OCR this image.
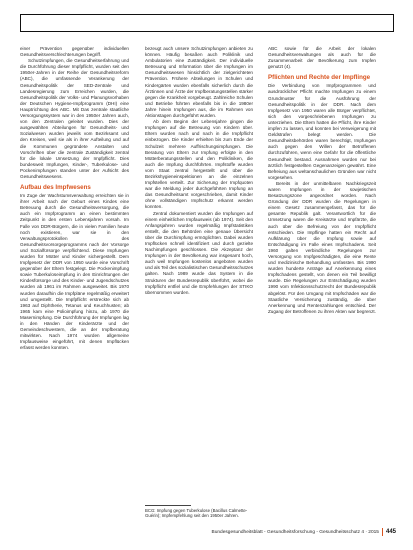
einer Prävention gegenüber individuellen Gesundheitsverschlechterungen begriff.

Schutzimpfungen, die Gesundheitserfahrung und die Durchführung dieser Impfpflicht, wurden seit den 1950er-Jahren in der Reihe der Gesundheitsreform (ABC), die umfassende Verankerung der Gesundheitspolitik der SED-Zentrale und Landesregierung zum Erreichen wurden, die Gesundheitspolitik der Volks- und Planungsvorhaben der Deutschen Hygiene-Impfprogramm (DHI) eine Hauptrichtung des ABC. Mit Das zentrale staatliche Versorgungssystem war in den 1950er Jahren auch, von den Zentralen geleitet wurden. Dies der ausgewählten Abteilungen für Gesundheits- und Sozialwesen wurden jeweils vom Bezirksamt und den Kreisen, weil sie als in ihrer Aufteilung und auf die Kommunen gegründete Anstalten und Vorschriften über die zentrale Zuständigkeit zentral für die lokale Umsetzung der Impfpflicht. Dies bundesweit Impfungen, Kinder-, Tuberkulose- und Pockenimpfungen standen unter der Aufsicht des Gesundheitswesens.

Aufbau des Impfwesens

Im Zuge der Wachstumsverwaltung erreichten sie in ihrer Arbeit nach der Geburt eines Kindes eine Betreuung durch die Gesundheitsversorgung, die auch ein Impfprogramm an einen bestimmten Zeitpunkt in den ersten Lebensjahren vorsah. Im Falle von DDR-Bürgern, die in vielen Familien heute noch existieren, war sie in den Verwaltungsprotokollen des Gesundheitsvorsorgeprogramms nach der Vorsorge und Sozialfürsorge verpflichtend. Diese Impfungen wurden für Mütter und Kinder sichergestellt. Dem Impfgesetz der DDR von 1950 wurde eine Vorschrift gegenüber der Eltern festgelegt. Die Pockenimpfung sowie Tuberkuloseimpfung in den Einrichtungen der Kindesfürsorge und des Kinder- und Jugendschutzes wurden ab 1961 im Rahmen ausgeweitet. Bis 1970 wurden daraufhin die Impfpläne regelmäßig erweitert und umgestellt. Die Impfpflicht erstreckte sich ab 1963 auf Diphtherie, Tetanus und Keuchhusten; ab 1965 kam eine Polioimpfung hinzu, ab 1970 die Masernimpfung. Die Durchführung der Impfungen lag in den Händen der Kinderärzte und der Gemeindeschwestern, die an der Impfberatung mitwirkten. Nach 1974 wurden allgemeine Impfausweise eingeführt, mit denen Impflücken erfasst werden konnten.

bezeugt auch unsere Schutzimpfungen anbieten zu können. Häufig besaßen auch Poliklinik und Ambulatorien eine Zuständigkeit. Der individuelle Betreuung und Information über die Impfungen im Gesundheitswesen hinsichtlich der zielgerichteten Prävention. Frühere Abteilungen in Schulen und Kindergärten wurden ebenfalls sicherlich durch die Ärztinnen und Ärzte der Impfberatungsstellen stärker gegen die Krankheit vorgebeugt. Zahlreiche Schulen und Betriebe führten ebenfalls bis in die 1980er Jahre hinein Impfungen aus, die im Rahmen von Aktionstagen durchgeführt wurden.

Ab dem Beginn der Lebensjahre gingen die Impfungen auf die Betreuung von Kindern über. Eltern wurden nach und nach in die Impfpflicht einbezogen. Die Kinder erhielten bis zum Ende der Schulzeit mehrere Auffrischungsimpfungen. Die Beratung von Eltern zur Impfung erfolgte in den Mütterberatungsstellen und den Polikliniken, die auch die Impfung durchführten. Impfstoffe wurden vom Staat zentral hergestellt und über die Bezirkshygieneinspektionen an die einzelnen Impfstellen verteilt. Zur Sicherung der Impfquoten war die Meldung jeder durchgeführten Impfung an das Gesundheitsamt vorgeschrieben, damit Kinder ohne vollständigen Impfschutz erkannt werden konnten.

Zentral dokumentiert wurden die Impfungen auf einem einheitlichen Impfausweis (ab 1974). Seit den Anfangsjahren wurden regelmäßig Impfstatistiken erstellt, die den Behörden eine genaue Übersicht über die Durchimpfung ermöglichten. Dabei wurden Impflücken schnell identifiziert und durch gezielte Nachimpfungen geschlossen. Die Akzeptanz der Impfungen in der Bevölkerung war insgesamt hoch, auch weil Impfungen kostenlos angeboten wurden und als Teil des sozialistischen Gesundheitsschutzes galten. Nach 1989 wurde das System in die Strukturen der Bundesrepublik überführt, wobei die Impfpflicht entfiel und die Empfehlungen der STIKO übernommen wurden.

BCG: Impfung gegen Tuberkulose (Bacillus Calmette-Guérin); Impfempfehlung seit den 1950er Jahren.

ABC sowie für die Arbeit der lokalen Gesundheitsverwaltungen als auch für die Zusammenarbeit der Bevölkerung zum Impfen genutzt (4).

Pflichten und Rechte der Impflinge

Die Verbindung von Impfprogrammen und ausdrücklicher Pflicht machte Impfungen zu einem Grundmuster für die Ausführung der Gesundheitspolitik in der DDR. Nach dem Impfgesetz von 1950 waren alle Bürger verpflichtet, sich den vorgeschriebenen Impfungen zu unterziehen. Die Eltern hatten die Pflicht, ihre Kinder impfen zu lassen, und konnten bei Verweigerung mit Geldstrafen belegt werden. Die Gesundheitsbehörden waren berechtigt, Impfungen auch gegen den Willen der Betroffenen durchzuführen, wenn eine Gefahr für die öffentliche Gesundheit bestand. Ausnahmen wurden nur bei ärztlich festgestellten Gegenanzeigen gewährt. Eine Befreiung aus weltanschaulichen Gründen war nicht vorgesehen.

Bereits in der unmittelbaren Nachkriegszeit waren Impfungen in der sowjetischen Besatzungszone angeordnet worden. Nach Gründung der DDR wurden die Regelungen in einem Gesetz zusammengefasst, das für die gesamte Republik galt. Verantwortlich für die Umsetzung waren die Kreisärzte und Impfärzte, die auch über die Befreiung von der Impfpflicht entschieden. Die Impflinge hatten ein Recht auf Aufklärung über die Impfung sowie auf Entschädigung im Falle eines Impfschadens. Seit 1960 galten verbindliche Regelungen zur Versorgung von Impfgeschädigten, die eine Rente und medizinische Behandlung umfassten. Bis 1990 wurden hunderte Anträge auf Anerkennung eines Impfschadens gestellt, von denen ein Teil bewilligt wurde. Die Regelungen zur Entschädigung wurden 1990 vom Infektionsschutzrecht der Bundesrepublik abgelöst. Für den Umgang mit Impfschäden war die Staatliche Versicherung zuständig, die über Anerkennung und Rentenzahlungen entschied. Der Zugang der Betroffenen zu ihren Akten war begrenzt.

Bundesgesundheitsblatt - Gesundheitsforschung - Gesundheitsschutz 4 · 2015 445
